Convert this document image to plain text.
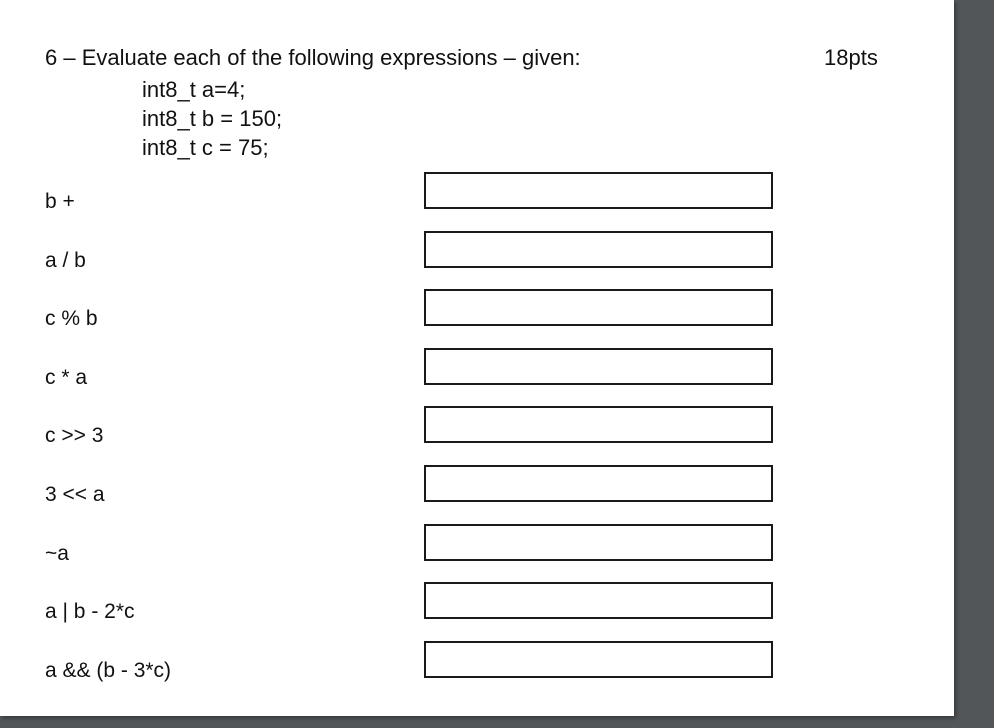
6 – Evaluate each of the following expressions – given:	18pts
int8_t a=4;
int8_t b = 150;
int8_t c = 75;
b +
a / b
c % b
c * a
c >> 3
3 << a
~a
a | b - 2*c
a && (b - 3*c)
